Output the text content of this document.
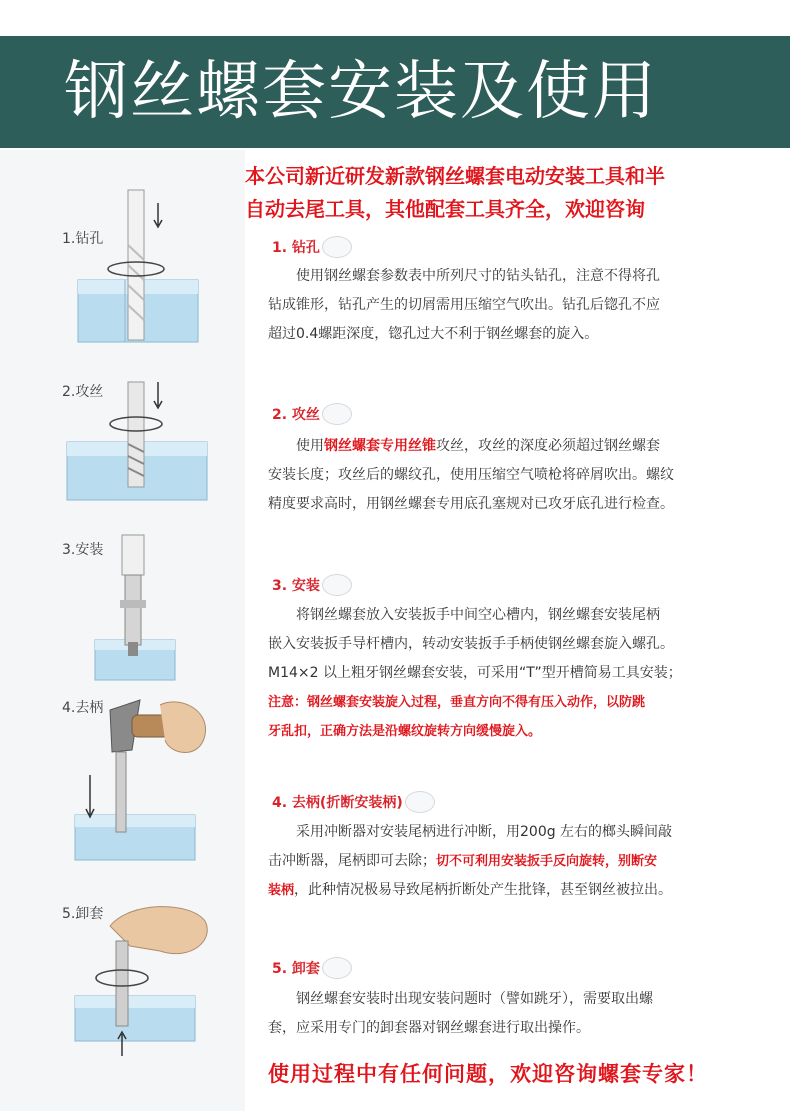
钢丝螺套安装及使用
本公司新近研发新款钢丝螺套电动安装工具和半
自动去尾工具，其他配套工具齐全，欢迎咨询
1.钻孔
2.攻丝
3.安装
4.去柄
5.卸套
1. 钻孔
使用钢丝螺套参数表中所列尺寸的钻头钻孔，注意不得将孔
钻成锥形，钻孔产生的切屑需用压缩空气吹出。钻孔后锪孔不应
超过0.4螺距深度，锪孔过大不利于钢丝螺套的旋入。
2. 攻丝
使用钢丝螺套专用丝锥攻丝，攻丝的深度必须超过钢丝螺套
安装长度；攻丝后的螺纹孔，使用压缩空气喷枪将碎屑吹出。螺纹
精度要求高时，用钢丝螺套专用底孔塞规对已攻牙底孔进行检查。
3. 安装
将钢丝螺套放入安装扳手中间空心槽内，钢丝螺套安装尾柄
嵌入安装扳手导杆槽内，转动安装扳手手柄使钢丝螺套旋入螺孔。
M14×2 以上粗牙钢丝螺套安装，可采用“T”型开槽简易工具安装；
注意：钢丝螺套安装旋入过程，垂直方向不得有压入动作，以防跳
牙乱扣，正确方法是沿螺纹旋转方向缓慢旋入。
4. 去柄(折断安装柄)
采用冲断器对安装尾柄进行冲断，用200g 左右的榔头瞬间敲
击冲断器，尾柄即可去除；切不可利用安装扳手反向旋转，别断安
装柄，此种情况极易导致尾柄折断处产生批锋，甚至钢丝被拉出。
5. 卸套
钢丝螺套安装时出现安装问题时（譬如跳牙），需要取出螺
套，应采用专门的卸套器对钢丝螺套进行取出操作。
使用过程中有任何问题，欢迎咨询螺套专家！
